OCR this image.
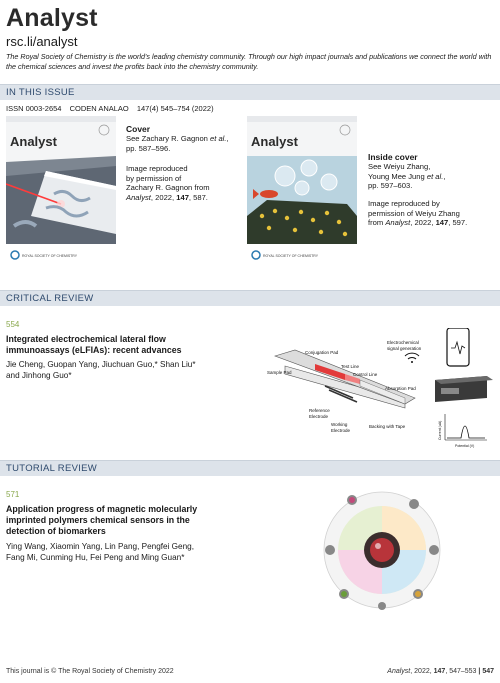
Analyst
rsc.li/analyst
The Royal Society of Chemistry is the world's leading chemistry community. Through our high impact journals and publications we connect the world with the chemical sciences and invest the profits back into the chemistry community.
IN THIS ISSUE
ISSN 0003-2654 CODEN ANALAO 147(4) 545–754 (2022)
Analyst
ROYAL SOCIETY OF CHEMISTRY
Cover
See Zachary R. Gagnon et al.,
pp. 587–596.
Image reproduced
by permission of
Zachary R. Gagnon from
Analyst, 2022, 147, 587.
Analyst
ROYAL SOCIETY OF CHEMISTRY
Inside cover
See Weiyu Zhang,
Young Mee Jung et al.,
pp. 597–603.
Image reproduced by
permission of Weiyu Zhang
from Analyst, 2022, 147, 597.
CRITICAL REVIEW
554
Integrated electrochemical lateral flow
immunoassays (eLFIAs): recent advances
Jie Cheng, Guopan Yang, Jiuchuan Guo,* Shan Liu*
and Jinhong Guo*
Conjugation Pad
Sample Pad
Test Line
Control Line
Absorption Pad
Reference
Electrode
Working
Electrode
Backing with Tape
Electrochemical
signal generation
Current (uA)
Potential (V)
TUTORIAL REVIEW
571
Application progress of magnetic molecularly
imprinted polymers chemical sensors in the
detection of biomarkers
Ying Wang, Xiaomin Yang, Lin Pang, Pengfei Geng,
Fang Mi, Cunming Hu, Fei Peng and Ming Guan*
This journal is © The Royal Society of Chemistry 2022	Analyst, 2022, 147, 547–553 | 547
